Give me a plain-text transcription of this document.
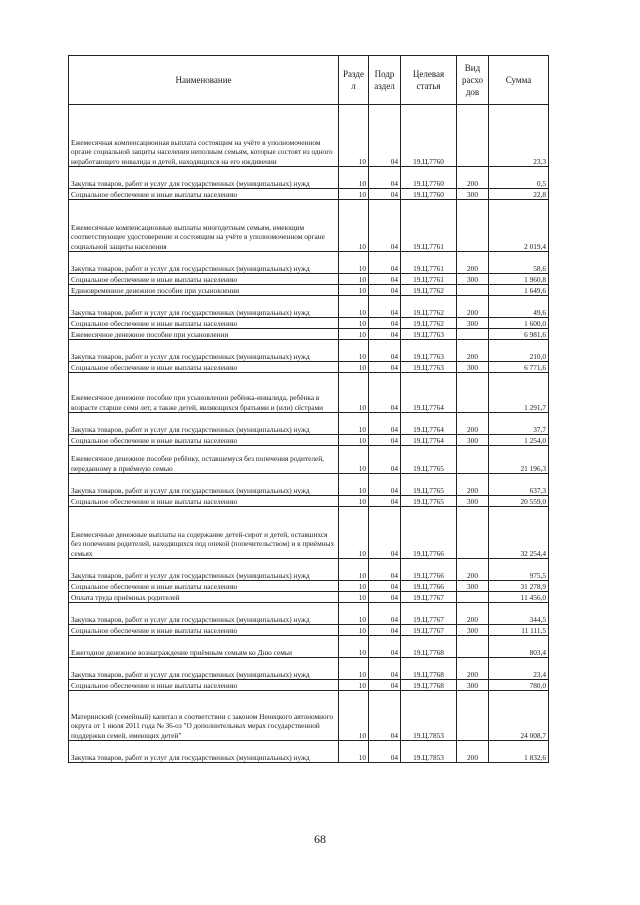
Наименование	Разде л	Подр аздел	Целевая статья	Вид расхо дов	Сумма
Ежемесячная компенсационная выплата состоящим на учёте в уполномоченном органе социальной защиты населения неполным семьям, которые состоят из одного неработающего инвалида и детей, находящихся на его иждивении	10	04	19.Ц.7760		23,3
Закупка товаров, работ и услуг для государственных (муниципальных) нужд	10	04	19.Ц.7760	200	0,5
Социальное обеспечение и иные выплаты населению	10	04	19.Ц.7760	300	22,8
Ежемесячные компенсационные выплаты многодетным семьям, имеющим соответствующее удостоверение и состоящим на учёте в уполномоченном органе социальной защиты населения	10	04	19.Ц.7761		2 019,4
Закупка товаров, работ и услуг для государственных (муниципальных) нужд	10	04	19.Ц.7761	200	58,6
Социальное обеспечение и иные выплаты населению	10	04	19.Ц.7761	300	1 960,8
Единовременное денежное пособие при усыновлении	10	04	19.Ц.7762		1 649,6
Закупка товаров, работ и услуг для государственных (муниципальных) нужд	10	04	19.Ц.7762	200	49,6
Социальное обеспечение и иные выплаты населению	10	04	19.Ц.7762	300	1 600,0
Ежемесячное денежное пособие при усыновлении	10	04	19.Ц.7763		6 981,6
Закупка товаров, работ и услуг для государственных (муниципальных) нужд	10	04	19.Ц.7763	200	210,0
Социальное обеспечение и иные выплаты населению	10	04	19.Ц.7763	300	6 771,6
Ежемесячное денежное пособие при усыновлении ребёнка-инвалида, ребёнка в возрасте старше семи лет, а также детей, являющихся братьями и (или) сёстрами	10	04	19.Ц.7764		1 291,7
Закупка товаров, работ и услуг для государственных (муниципальных) нужд	10	04	19.Ц.7764	200	37,7
Социальное обеспечение и иные выплаты населению	10	04	19.Ц.7764	300	1 254,0
Ежемесячное денежное пособие ребёнку, оставшемуся без попечения родителей, переданному в приёмную семью	10	04	19.Ц.7765		21 196,3
Закупка товаров, работ и услуг для государственных (муниципальных) нужд	10	04	19.Ц.7765	200	637,3
Социальное обеспечение и иные выплаты населению	10	04	19.Ц.7765	300	20 559,0
Ежемесячные денежные выплаты на содержание детей-сирот и детей, оставшихся без попечения родителей, находящихся под опекой (попечительством) и в приёмных семьях	10	04	19.Ц.7766		32 254,4
Закупка товаров, работ и услуг для государственных (муниципальных) нужд	10	04	19.Ц.7766	200	975,5
Социальное обеспечение и иные выплаты населению	10	04	19.Ц.7766	300	31 278,9
Оплата труда приёмных родителей	10	04	19.Ц.7767		11 456,0
Закупка товаров, работ и услуг для государственных (муниципальных) нужд	10	04	19.Ц.7767	200	344,5
Социальное обеспечение и иные выплаты населению	10	04	19.Ц.7767	300	11 111,5
Ежегодное денежное вознаграждение приёмным семьям ко Дню семьи	10	04	19.Ц.7768		803,4
Закупка товаров, работ и услуг для государственных (муниципальных) нужд	10	04	19.Ц.7768	200	23,4
Социальное обеспечение и иные выплаты населению	10	04	19.Ц.7768	300	780,0
Материнский (семейный) капитал в соответствии с законом Ненецкого автономного округа от 1 июля 2011 года № 36-оз "О дополнительных мерах государственной поддержки семей, имеющих детей"	10	04	19.Ц.7853		24 008,7
Закупка товаров, работ и услуг для государственных (муниципальных) нужд	10	04	19.Ц.7853	200	1 832,6
68
